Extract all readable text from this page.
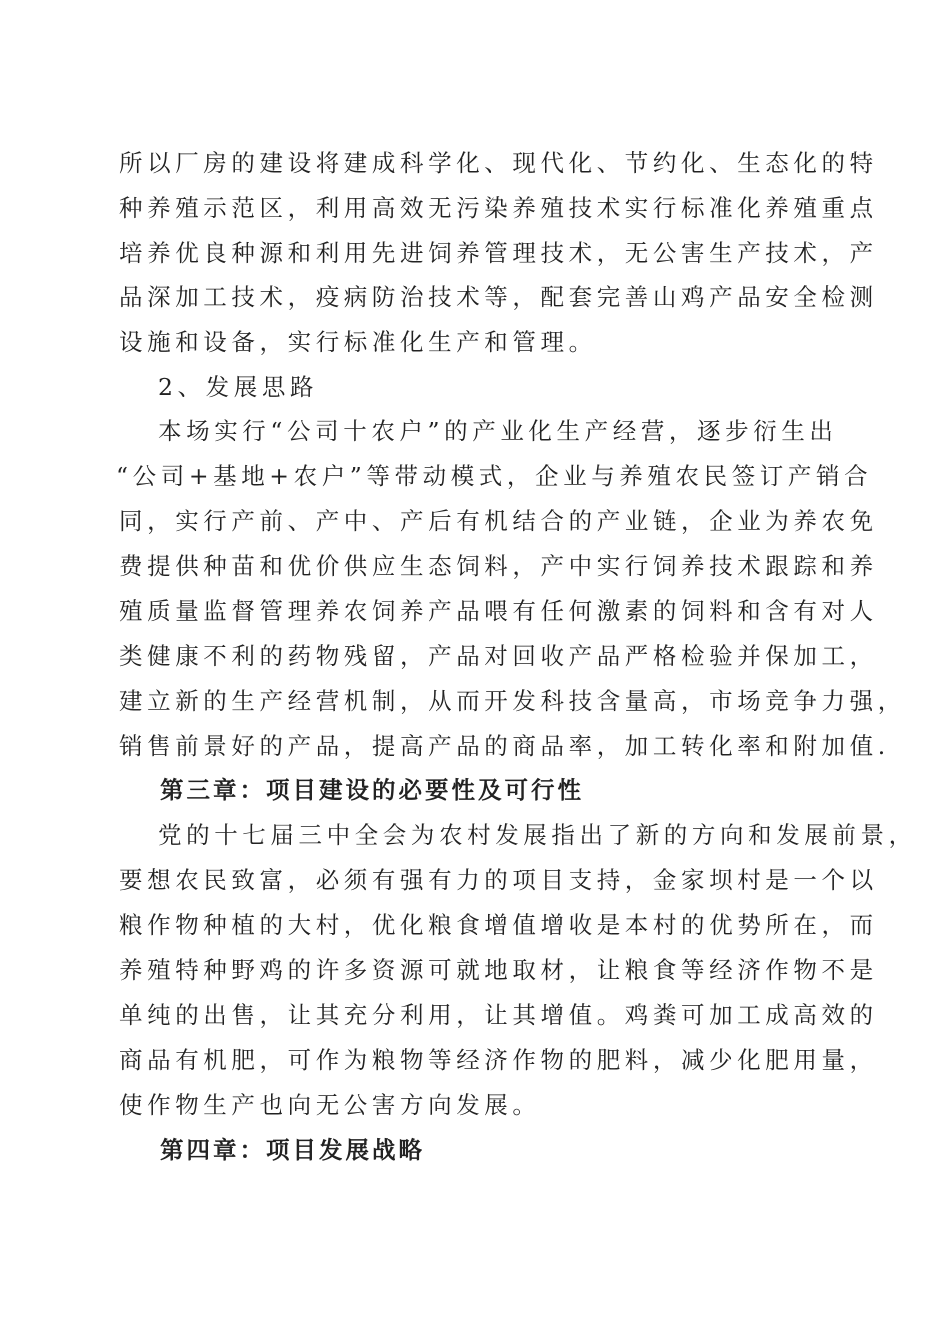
所以厂房的建设将建成科学化、现代化、节约化、生态化的特
种养殖示范区，利用高效无污染养殖技术实行标准化养殖重点
培养优良种源和利用先进饲养管理技术，无公害生产技术，产
品深加工技术，疫病防治技术等，配套完善山鸡产品安全检测
设施和设备，实行标准化生产和管理。
2、发展思路
本场实行“公司十农户”的产业化生产经营，逐步衍生出
“公司+基地+农户”等带动模式，企业与养殖农民签订产销合
同，实行产前、产中、产后有机结合的产业链，企业为养农免
费提供种苗和优价供应生态饲料，产中实行饲养技术跟踪和养
殖质量监督管理养农饲养产品喂有任何激素的饲料和含有对人
类健康不利的药物残留，产品对回收产品严格检验并保加工，
建立新的生产经营机制，从而开发科技含量高，市场竞争力强，
销售前景好的产品，提高产品的商品率，加工转化率和附加值.
第三章：项目建设的必要性及可行性
党的十七届三中全会为农村发展指出了新的方向和发展前景，
要想农民致富，必须有强有力的项目支持，金家坝村是一个以
粮作物种植的大村，优化粮食增值增收是本村的优势所在，而
养殖特种野鸡的许多资源可就地取材，让粮食等经济作物不是
单纯的出售，让其充分利用，让其增值。鸡粪可加工成高效的
商品有机肥，可作为粮物等经济作物的肥料，减少化肥用量，
使作物生产也向无公害方向发展。
第四章：项目发展战略
